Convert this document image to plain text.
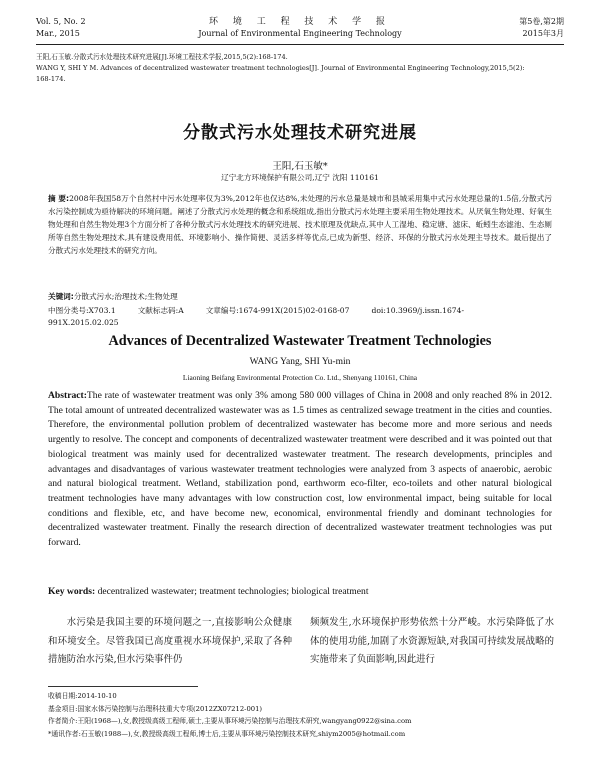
Vol. 5, No. 2
Mar., 2015
环 境 工 程 技 术 学 报
Journal of Environmental Engineering Technology
第5卷,第2期
2015年3月
王阳,石玉敏.分散式污水处理技术研究进展[J].环境工程技术学报,2015,5(2):168-174.
WANG Y, SHI Y M. Advances of decentralized wastewater treatment technologies[J]. Journal of Environmental Engineering Technology,2015,5(2):
168-174.
分散式污水处理技术研究进展
王阳,石玉敏*
辽宁北方环境保护有限公司,辽宁 沈阳 110161
摘 要:2008年我国58万个自然村中污水处理率仅为3%,2012年也仅达8%,未处理的污水总量是城市和县城采用集中式污水处理总量的1.5倍,分散式污水污染控制成为亟待解决的环境问题。阐述了分散式污水处理的概念和系统组成,指出分散式污水处理主要采用生物处理技术。从厌氧生物处理、好氧生物处理和自然生物处理3个方面分析了各种分散式污水处理技术的研究进展、技术原理及优缺点,其中人工湿地、稳定塘、滤床、蚯蚓生态滤池、生态厕所等自然生物处理技术,具有建设费用低、环境影响小、操作简便、灵活多样等优点,已成为新型、经济、环保的分散式污水处理主导技术。最后提出了分散式污水处理技术的研究方向。
关键词:分散式污水;治理技术;生物处理
中图分类号:X703.1	文献标志码:A	文章编号:1674-991X(2015)02-0168-07	doi:10.3969/j.issn.1674-991X.2015.02.025
Advances of Decentralized Wastewater Treatment Technologies
WANG Yang, SHI Yu-min
Liaoning Beifang Environmental Protection Co. Ltd., Shenyang 110161, China
Abstract:The rate of wastewater treatment was only 3% among 580 000 villages of China in 2008 and only reached 8% in 2012. The total amount of untreated decentralized wastewater was as 1.5 times as centralized sewage treatment in the cities and counties. Therefore, the environmental pollution problem of decentralized wastewater has become more and more serious and needs urgently to resolve. The concept and components of decentralized wastewater treatment were described and it was pointed out that biological treatment was mainly used for decentralized wastewater treatment. The research developments, principles and advantages and disadvantages of various wastewater treatment technologies were analyzed from 3 aspects of anaerobic, aerobic and natural biological treatment. Wetland, stabilization pond, earthworm eco-filter, eco-toilets and other natural biological treatment technologies have many advantages with low construction cost, low environmental impact, being suitable for local conditions and flexible, etc, and have become new, economical, environmental friendly and dominant technologies for decentralized wastewater treatment. Finally the research direction of decentralized wastewater treatment technologies was put forward.
Key words: decentralized wastewater; treatment technologies; biological treatment

水污染是我国主要的环境问题之一,直接影响公众健康和环境安全。尽管我国已高度重视水环境保护,采取了各种措施防治水污染,但水污染事件仍

频频发生,水环境保护形势依然十分严峻。水污染降低了水体的使用功能,加剧了水资源短缺,对我国可持续发展战略的实施带来了负面影响,因此进行

收稿日期:2014-10-10
基金项目:国家水体污染控制与治理科技重大专项(2012ZX07212-001)
作者简介:王阳(1968—),女,教授级高级工程师,硕士,主要从事环境污染控制与治理技术研究,wangyang0922@sina.com
*通讯作者:石玉敏(1988—),女,教授级高级工程师,博士后,主要从事环境污染控制技术研究,shiym2005@hotmail.com
